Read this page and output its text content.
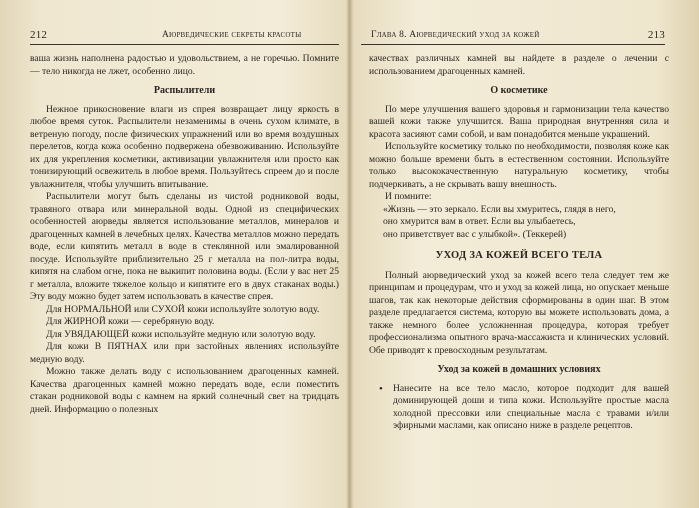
212	Аюрведические секреты красоты

ваша жизнь наполнена радостью и удовольствием, а не горечью. Помните — тело никогда не лжет, особенно лицо.

Распылители

Нежное прикосновение влаги из спрея возвращает лицу яркость в любое время суток. Распылители незаменимы в очень сухом климате, в ветреную погоду, после физических упражнений или во время воздушных перелетов, когда кожа особенно подвержена обезвоживанию. Используйте их для укрепления косметики, активизации увлажнителя или просто как тонизирующий освежитель в любое время. Пользуйтесь спреем до и после увлажнителя, чтобы улучшить впитывание.

Распылители могут быть сделаны из чистой родниковой воды, травяного отвара или минеральной воды. Одной из специфических особенностей аюрведы является использование металлов, минералов и драгоценных камней в лечебных целях. Качества металлов можно передать воде, если кипятить металл в воде в стеклянной или эмалированной посуде. Используйте приблизительно 25 г металла на пол-литра воды, кипятя на слабом огне, пока не выкипит половина воды. (Если у вас нет 25 г металла, вложите тяжелое кольцо и кипятите его в двух стаканах воды.) Эту воду можно будет затем использовать в качестве спрея.

Для НОРМАЛЬНОЙ или СУХОЙ кожи используйте золотую воду.

Для ЖИРНОЙ кожи — серебряную воду.

Для УВЯДАЮЩЕЙ кожи используйте медную или золотую воду.

Для кожи В ПЯТНАХ или при застойных явлениях используйте медную воду.

Можно также делать воду с использованием драгоценных камней. Качества драгоценных камней можно передать воде, если поместить стакан родниковой воды с камнем на яркий солнечный свет на тридцать дней. Информацию о полезных

Глава 8. Аюрведический уход за кожей	213

качествах различных камней вы найдете в разделе о лечении с использованием драгоценных камней.

О косметике

По мере улучшения вашего здоровья и гармонизации тела качество вашей кожи также улучшится. Ваша природная внутренняя сила и красота засияют сами собой, и вам понадобится меньше украшений.

Используйте косметику только по необходимости, позволяя коже как можно больше времени быть в естественном состоянии. Используйте только высококачественную натуральную косметику, чтобы подчеркивать, а не скрывать вашу внешность.

И помните:

«Жизнь — это зеркало. Если вы хмуритесь, глядя в него,

оно хмурится вам в ответ. Если вы улыбаетесь,

оно приветствует вас с улыбкой». (Теккерей)

УХОД ЗА КОЖЕЙ ВСЕГО ТЕЛА

Полный аюрведический уход за кожей всего тела следует тем же принципам и процедурам, что и уход за кожей лица, но опускает меньше шагов, так как некоторые действия сформированы в один шаг. В этом разделе предлагается система, которую вы можете использовать дома, а также немного более усложненная процедура, которая требует профессионализма опытного врача-массажиста и клинических условий. Обе приводят к превосходным результатам.

Уход за кожей в домашних условиях

• Нанесите на все тело масло, которое подходит для вашей доминирующей доши и типа кожи. Используйте простые масла холодной прессовки или специальные масла с травами и/или эфирными маслами, как описано ниже в разделе рецептов.
